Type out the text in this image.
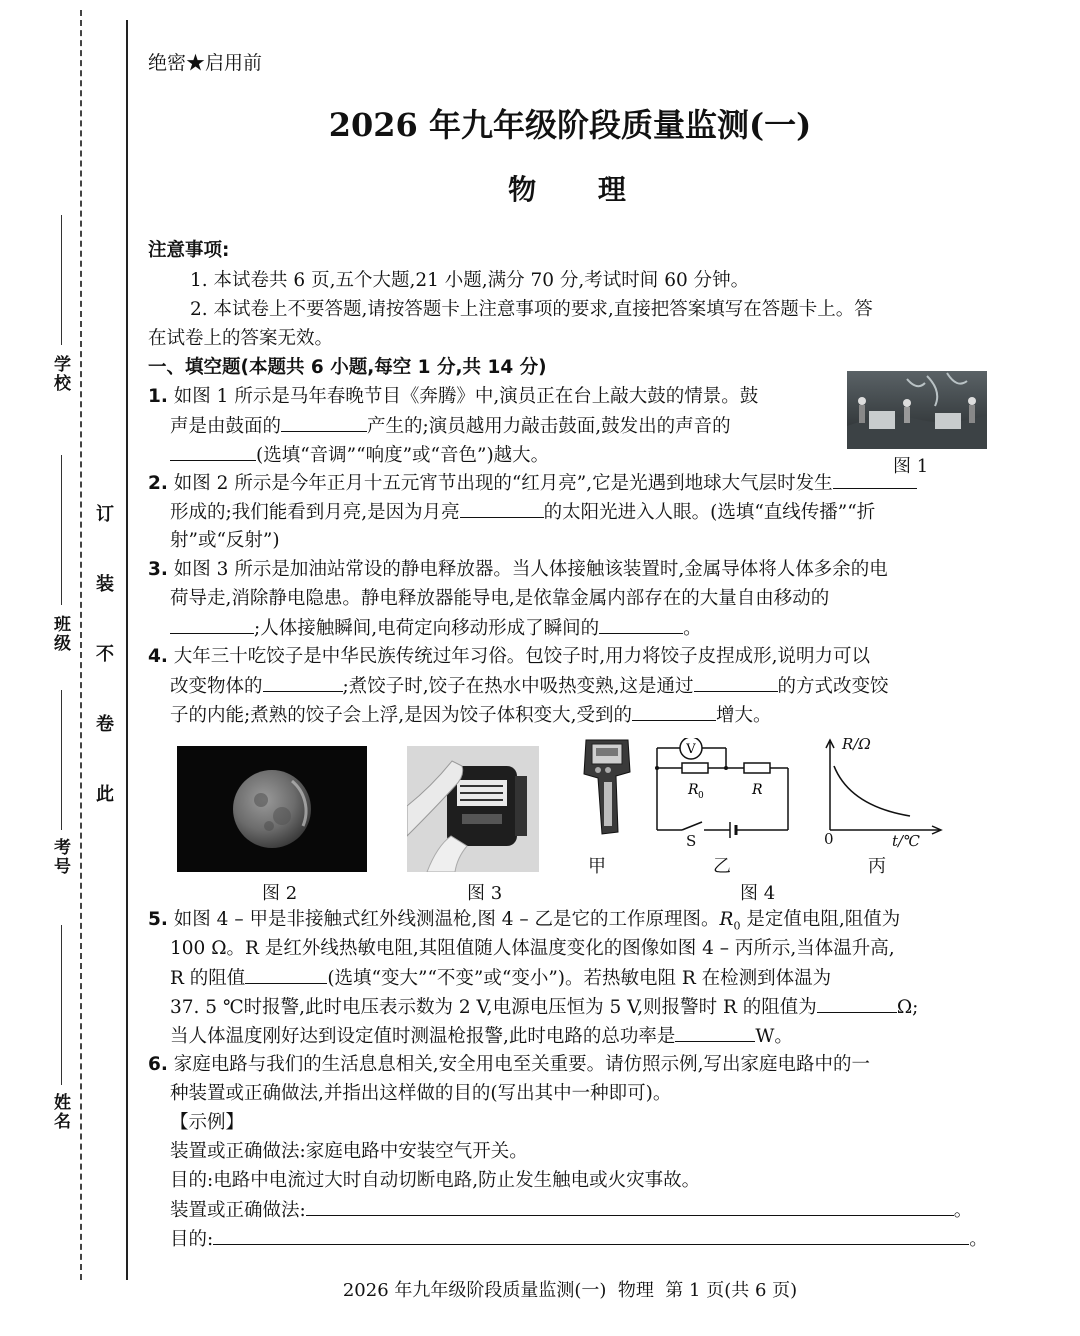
学校
班级
考号
姓名
订
装
不
卷
此
绝密★启用前
2026 年九年级阶段质量监测(一)
物 理
注意事项:
1. 本试卷共 6 页,五个大题,21 小题,满分 70 分,考试时间 60 分钟。
2. 本试卷上不要答题,请按答题卡上注意事项的要求,直接把答案填写在答题卡上。答
在试卷上的答案无效。
一、填空题(本题共 6 小题,每空 1 分,共 14 分)
1. 如图 1 所示是马年春晚节目《奔腾》中,演员正在台上敲大鼓的情景。鼓
声是由鼓面的	产生的;演员越用力敲击鼓面,鼓发出的声音的
(选填“音调”“响度”或“音色”)越大。
图 1
2. 如图 2 所示是今年正月十五元宵节出现的“红月亮”,它是光遇到地球大气层时发生
形成的;我们能看到月亮,是因为月亮	的太阳光进入人眼。(选填“直线传播”“折
射”或“反射”)
3. 如图 3 所示是加油站常设的静电释放器。当人体接触该装置时,金属导体将人体多余的电
荷导走,消除静电隐患。静电释放器能导电,是依靠金属内部存在的大量自由移动的
;人体接触瞬间,电荷定向移动形成了瞬间的	。
4. 大年三十吃饺子是中华民族传统过年习俗。包饺子时,用力将饺子皮捏成形,说明力可以
改变物体的	;煮饺子时,饺子在热水中吸热变熟,这是通过	的方式改变饺
子的内能;煮熟的饺子会上浮,是因为饺子体积变大,受到的	增大。
图 2	图 3
甲
V
R 0	R
S
乙
R/Ω
0	t/℃
丙
图 4
5. 如图 4 – 甲是非接触式红外线测温枪,图 4 – 乙是它的工作原理图。$R_0$ 是定值电阻,阻值为
100 Ω。R 是红外线热敏电阻,其阻值随人体温度变化的图像如图 4 – 丙所示,当体温升高,
R 的阻值	(选填“变大”“不变”或“变小”)。若热敏电阻 R 在检测到体温为
37. 5 ℃时报警,此时电压表示数为 2 V,电源电压恒为 5 V,则报警时 R 的阻值为	Ω;
当人体温度刚好达到设定值时测温枪报警,此时电路的总功率是	W。
6. 家庭电路与我们的生活息息相关,安全用电至关重要。请仿照示例,写出家庭电路中的一
种装置或正确做法,并指出这样做的目的(写出其中一种即可)。
【示例】
装置或正确做法:家庭电路中安装空气开关。
目的:电路中电流过大时自动切断电路,防止发生触电或火灾事故。
装置或正确做法:	。
目的:	。
2026 年九年级阶段质量监测(一)  物理  第 1 页(共 6 页)
